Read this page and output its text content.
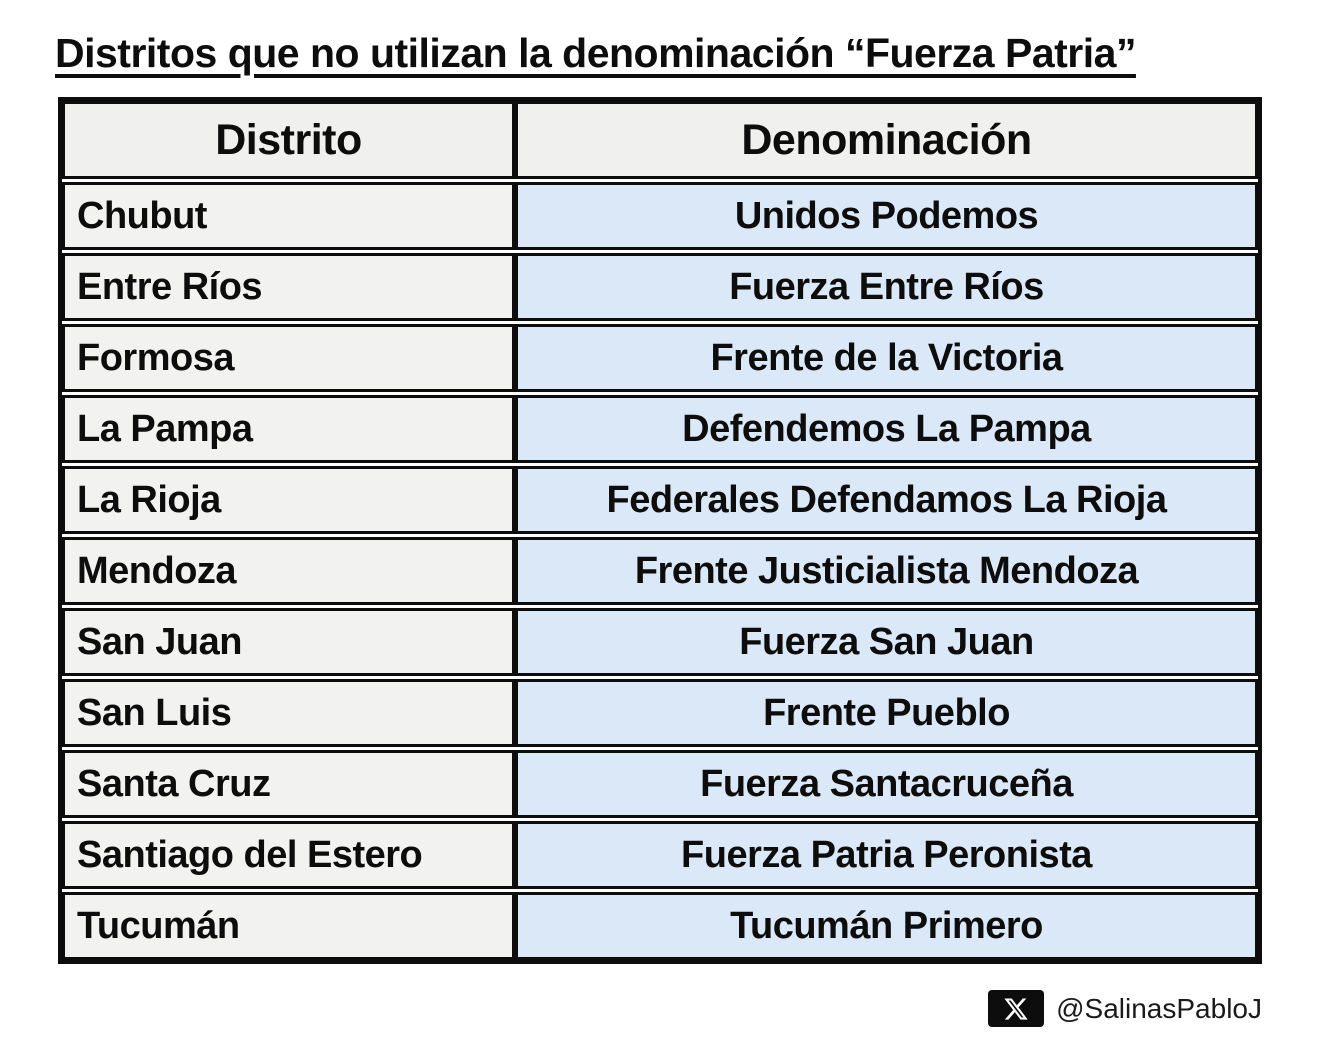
Distritos que no utilizan la denominación “Fuerza Patria”
Distrito	Denominación
Chubut	Unidos Podemos
Entre Ríos	Fuerza Entre Ríos
Formosa	Frente de la Victoria
La Pampa	Defendemos La Pampa
La Rioja	Federales Defendamos La Rioja
Mendoza	Frente Justicialista Mendoza
San Juan	Fuerza San Juan
San Luis	Frente Pueblo
Santa Cruz	Fuerza Santacruceña
Santiago del Estero	Fuerza Patria Peronista
Tucumán	Tucumán Primero
@SalinasPabloJ
